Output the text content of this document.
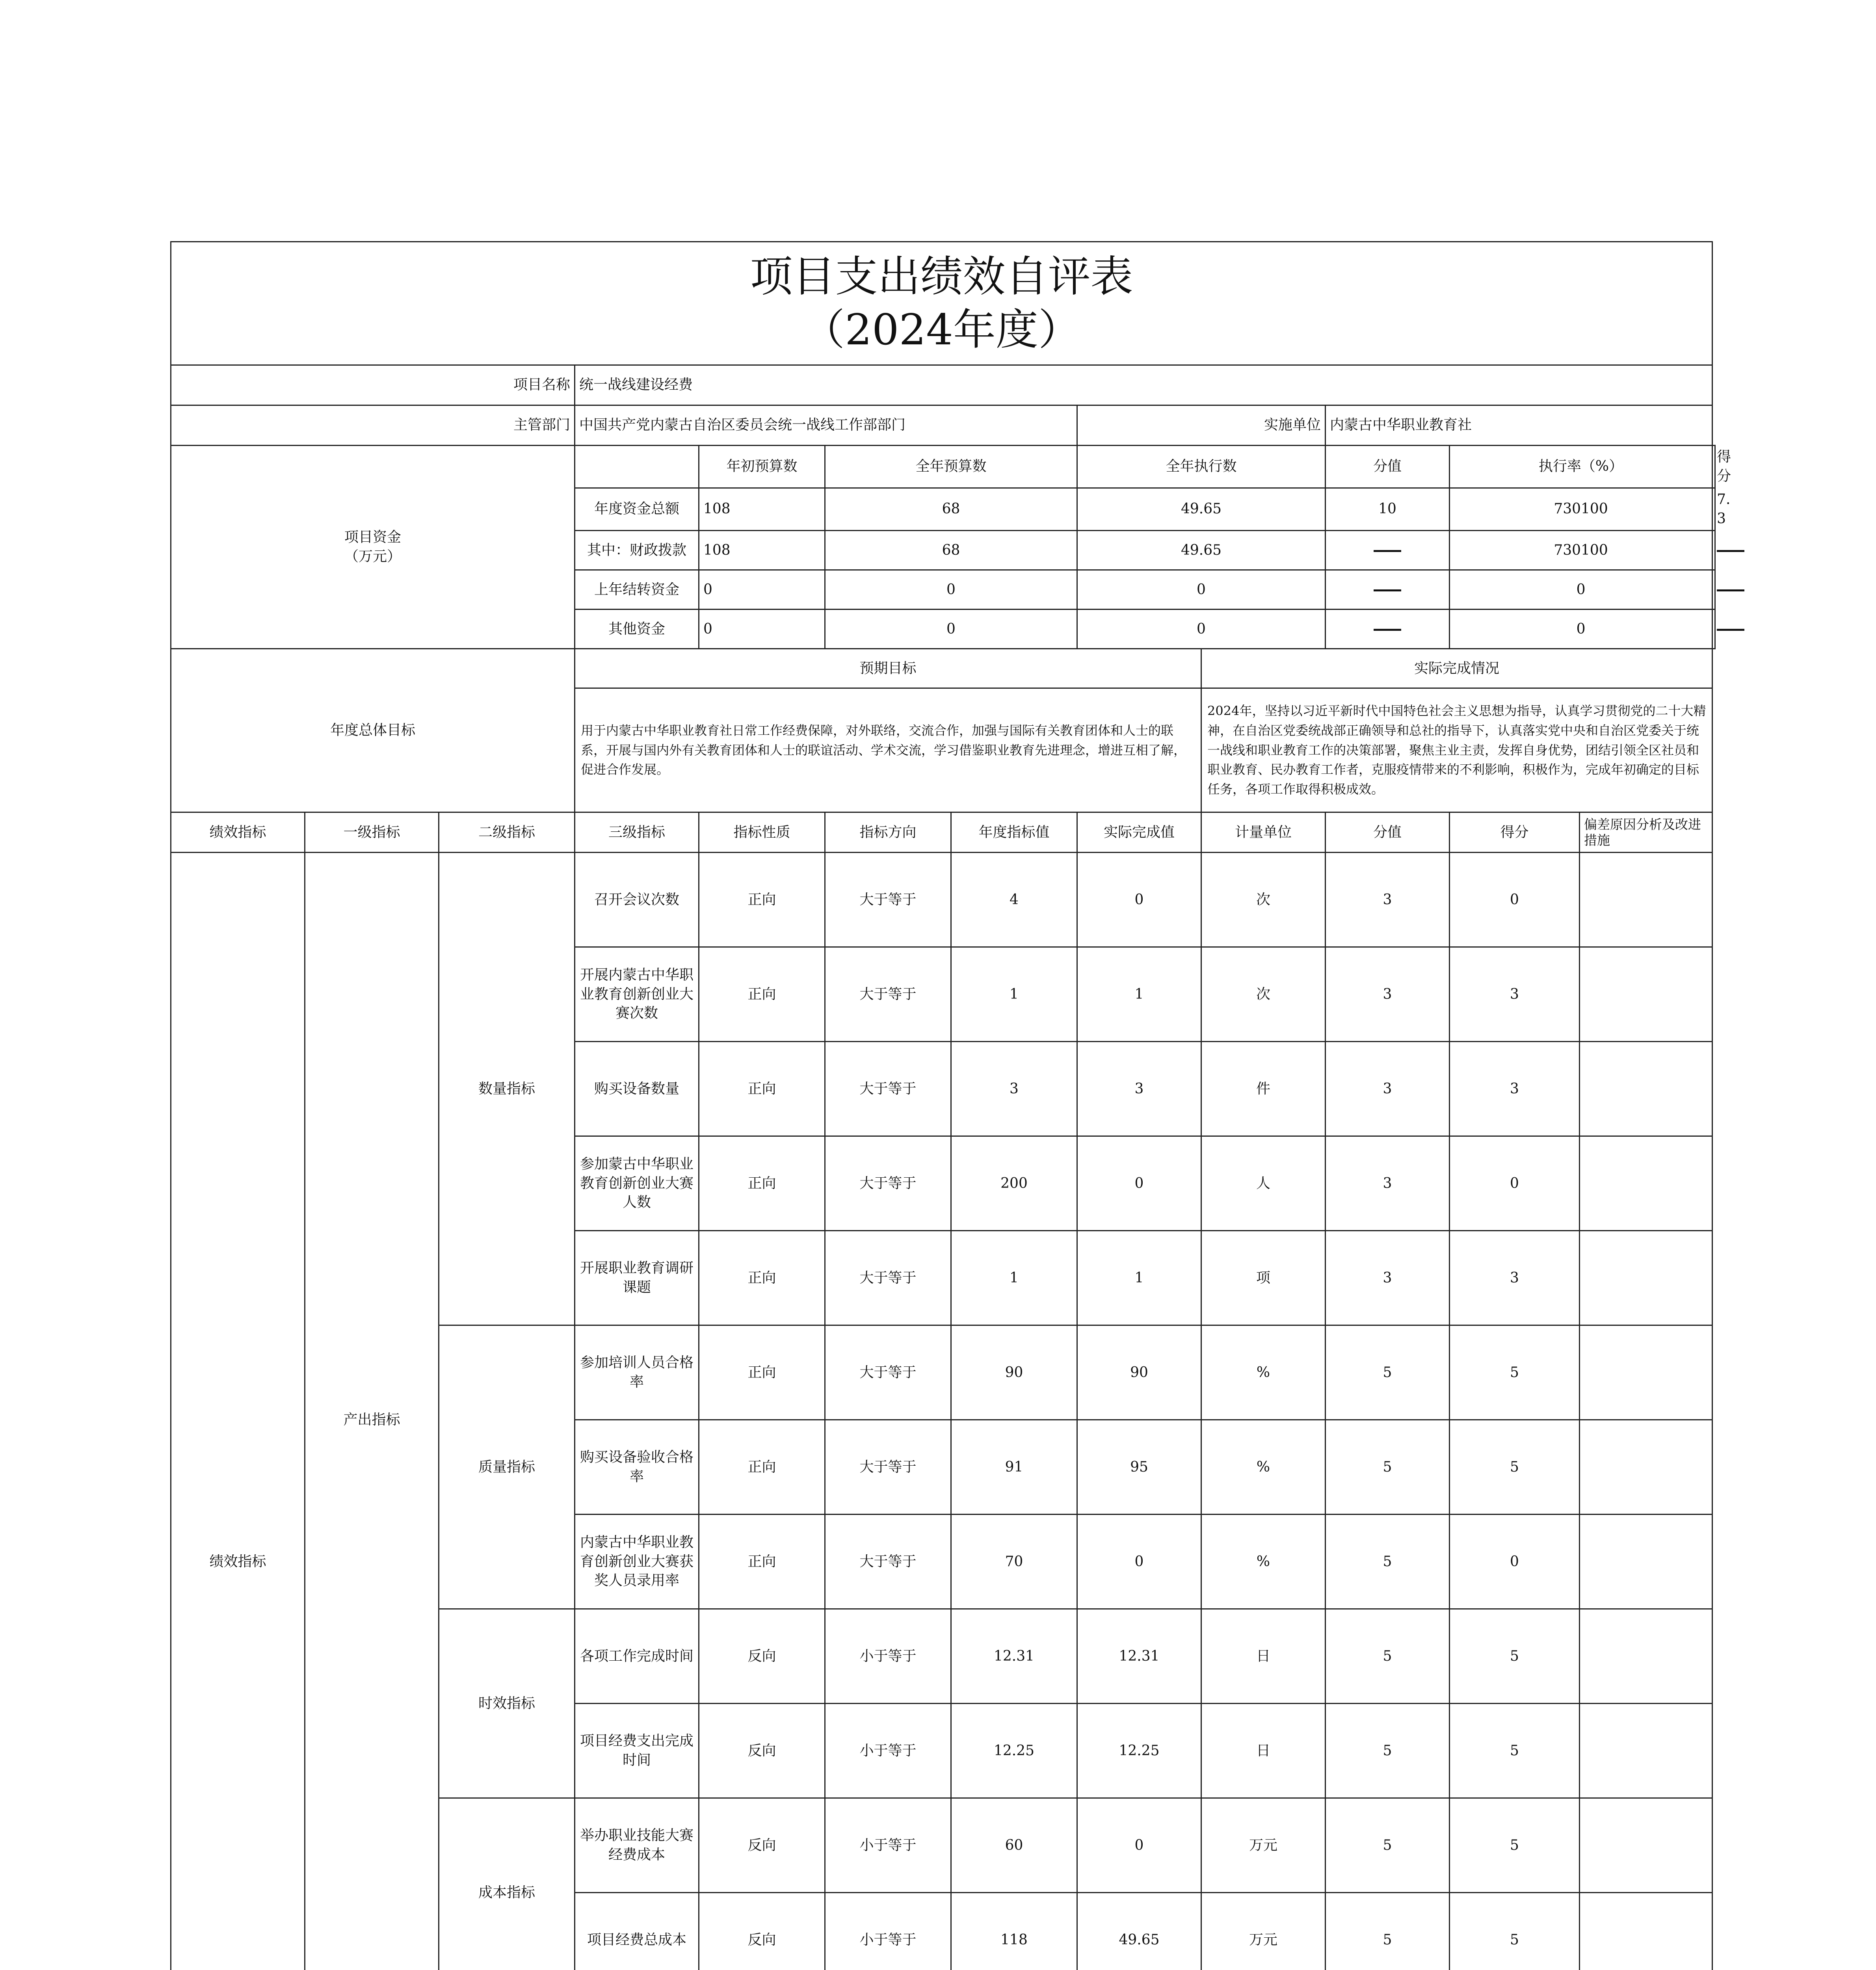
项目支出绩效自评表
（2024年度）												

项目名称			统一战线建设经费									
主管部门			中国共产党内蒙古自治区委员会统一战线工作部部门				实施单位		内蒙古中华职业教育社			
项目资金
（万元）				年初预算数	全年预算数		全年执行数		分值	执行率（%）		得分
			年度资金总额	108	68		49.65		10	730100		7.3
			其中：财政拨款	108	68		49.65			730100		
			上年结转资金	0	0		0			0		
			其他资金	0	0		0			0		
年度总体目标			预期目标					实际完成情况				
			用于内蒙古中华职业教育社日常工作经费保障，对外联络，交流合作，加强与国际有关教育团体和人士的联系，开展与国内外有关教育团体和人士的联谊活动、学术交流，学习借鉴职业教育先进理念，增进互相了解，促进合作发展。					2024年，坚持以习近平新时代中国特色社会主义思想为指导，认真学习贯彻党的二十大精神，在自治区党委统战部正确领导和总社的指导下，认真落实党中央和自治区党委关于统一战线和职业教育工作的决策部署，聚焦主业主责，发挥自身优势，团结引领全区社员和职业教育、民办教育工作者，克服疫情带来的不利影响，积极作为，完成年初确定的目标任务，各项工作取得积极成效。				
绩效指标	一级指标	二级指标	三级指标	指标性质	指标方向	年度指标值	实际完成值	计量单位	分值	得分	偏差原因分析及改进措施	
绩效指标	产出指标	数量指标	召开会议次数	正向	大于等于	4	0	次	3	0		
			开展内蒙古中华职业教育创新创业大赛次数	正向	大于等于	1	1	次	3	3		
			购买设备数量	正向	大于等于	3	3	件	3	3		
			参加蒙古中华职业教育创新创业大赛人数	正向	大于等于	200	0	人	3	0		
			开展职业教育调研课题	正向	大于等于	1	1	项	3	3		
		质量指标	参加培训人员合格率	正向	大于等于	90	90	%	5	5		
			购买设备验收合格率	正向	大于等于	91	95	%	5	5		
			内蒙古中华职业教育创新创业大赛获奖人员录用率	正向	大于等于	70	0	%	5	0		
		时效指标	各项工作完成时间	反向	小于等于	12.31	12.31	日	5	5		
			项目经费支出完成时间	反向	小于等于	12.25	12.25	日	5	5		
		成本指标	举办职业技能大赛经费成本	反向	小于等于	60	0	万元	5	5		
			项目经费总成本	反向	小于等于	118	49.65	万元	5	5		
